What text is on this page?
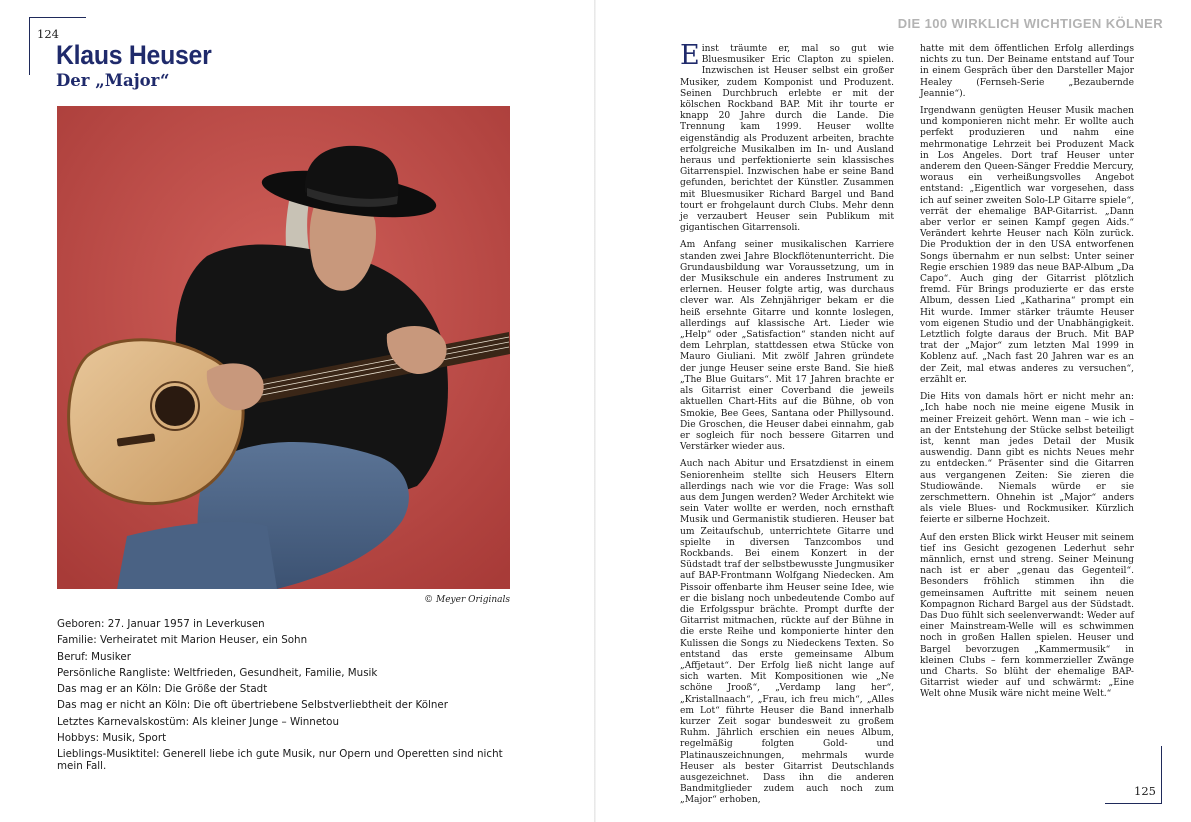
124
Klaus Heuser
Der „Major“
© Meyer Originals

Geboren: 27. Januar 1957 in Leverkusen

Familie: Verheiratet mit Marion Heuser, ein Sohn

Beruf: Musiker

Persönliche Rangliste: Weltfrieden, Gesundheit, Familie, Musik

Das mag er an Köln: Die Größe der Stadt

Das mag er nicht an Köln: Die oft übertriebene Selbstverliebtheit der Kölner

Letztes Karnevalskostüm: Als kleiner Junge – Winnetou

Hobbys: Musik, Sport

Lieblings-Musiktitel: Generell liebe ich gute Musik, nur Opern und Operetten sind nicht mein Fall.

DIE 100 WIRKLICH WICHTIGEN KÖLNER

Einst träumte er, mal so gut wie Bluesmusiker Eric Clapton zu spielen. Inzwischen ist Heuser selbst ein großer Musiker, zudem Komponist und Produzent. Seinen Durchbruch erlebte er mit der kölschen Rockband BAP. Mit ihr tourte er knapp 20 Jahre durch die Lande. Die Trennung kam 1999. Heuser wollte eigenständig als Produzent arbeiten, brachte erfolgreiche Musikalben im In- und Ausland heraus und perfektionierte sein klassisches Gitarrenspiel. Inzwischen habe er seine Band gefunden, berichtet der Künstler. Zusammen mit Bluesmusiker Richard Bargel und Band tourt er frohgelaunt durch Clubs. Mehr denn je verzaubert Heuser sein Publikum mit gigantischen Gitarrensoli.

Am Anfang seiner musikalischen Karriere standen zwei Jahre Blockflötenunterricht. Die Grundausbildung war Voraussetzung, um in der Musikschule ein anderes Instrument zu erlernen. Heuser folgte artig, was durchaus clever war. Als Zehnjähriger bekam er die heiß ersehnte Gitarre und konnte loslegen, allerdings auf klassische Art. Lieder wie „Help“ oder „Satisfaction“ standen nicht auf dem Lehrplan, stattdessen etwa Stücke von Mauro Giuliani. Mit zwölf Jahren gründete der junge Heuser seine erste Band. Sie hieß „The Blue Guitars“. Mit 17 Jahren brachte er als Gitarrist einer Coverband die jeweils aktuellen Chart-Hits auf die Bühne, ob von Smokie, Bee Gees, Santana oder Phillysound. Die Groschen, die Heuser dabei einnahm, gab er sogleich für noch bessere Gitarren und Verstärker wieder aus.

Auch nach Abitur und Ersatzdienst in einem Seniorenheim stellte sich Heusers Eltern allerdings nach wie vor die Frage: Was soll aus dem Jungen werden? Weder Architekt wie sein Vater wollte er werden, noch ernsthaft Musik und Germanistik studieren. Heuser bat um Zeitaufschub, unterrichtete Gitarre und spielte in diversen Tanzcombos und Rockbands. Bei einem Konzert in der Südstadt traf der selbstbewusste Jungmusiker auf BAP-Frontmann Wolfgang Niedecken. Am Pissoir offenbarte ihm Heuser seine Idee, wie er die bislang noch unbedeutende Combo auf die Erfolgsspur brächte. Prompt durfte der Gitarrist mitmachen, rückte auf der Bühne in die erste Reihe und komponierte hinter den Kulissen die Songs zu Niedeckens Texten. So entstand das erste gemeinsame Album „Affjetaut“. Der Erfolg ließ nicht lange auf sich warten. Mit Kompositionen wie „Ne schöne Jrooß“, „Verdamp lang her“, „Kristallnaach“, „Frau, ich freu mich“, „Alles em Lot“ führte Heuser die Band innerhalb kurzer Zeit sogar bundesweit zu großem Ruhm. Jährlich erschien ein neues Album, regelmäßig folgten Gold- und Platinauszeichnungen, mehrmals wurde Heuser als bester Gitarrist Deutschlands ausgezeichnet. Dass ihn die anderen Bandmitglieder zudem auch noch zum „Major“ erhoben,

hatte mit dem öffentlichen Erfolg allerdings nichts zu tun. Der Beiname entstand auf Tour in einem Gespräch über den Darsteller Major Healey (Fernseh-Serie „Bezaubernde Jeannie“).

Irgendwann genügten Heuser Musik machen und komponieren nicht mehr. Er wollte auch perfekt produzieren und nahm eine mehrmonatige Lehrzeit bei Produzent Mack in Los Angeles. Dort traf Heuser unter anderem den Queen-Sänger Freddie Mercury, woraus ein verheißungsvolles Angebot entstand: „Eigentlich war vorgesehen, dass ich auf seiner zweiten Solo-LP Gitarre spiele“, verrät der ehemalige BAP-Gitarrist. „Dann aber verlor er seinen Kampf gegen Aids.“ Verändert kehrte Heuser nach Köln zurück. Die Produktion der in den USA entworfenen Songs übernahm er nun selbst: Unter seiner Regie erschien 1989 das neue BAP-Album „Da Capo“. Auch ging der Gitarrist plötzlich fremd. Für Brings produzierte er das erste Album, dessen Lied „Katharina“ prompt ein Hit wurde. Immer stärker träumte Heuser vom eigenen Studio und der Unabhängigkeit. Letztlich folgte daraus der Bruch. Mit BAP trat der „Major“ zum letzten Mal 1999 in Koblenz auf. „Nach fast 20 Jahren war es an der Zeit, mal etwas anderes zu versuchen“, erzählt er.

Die Hits von damals hört er nicht mehr an: „Ich habe noch nie meine eigene Musik in meiner Freizeit gehört. Wenn man – wie ich – an der Entstehung der Stücke selbst beteiligt ist, kennt man jedes Detail der Musik auswendig. Dann gibt es nichts Neues mehr zu entdecken.“ Präsenter sind die Gitarren aus vergangenen Zeiten: Sie zieren die Studiowände. Niemals würde er sie zerschmettern. Ohnehin ist „Major“ anders als viele Blues- und Rockmusiker. Kürzlich feierte er silberne Hochzeit.

Auf den ersten Blick wirkt Heuser mit seinem tief ins Gesicht gezogenen Lederhut sehr männlich, ernst und streng. Seiner Meinung nach ist er aber „genau das Gegenteil“. Besonders fröhlich stimmen ihn die gemeinsamen Auftritte mit seinem neuen Kompagnon Richard Bargel aus der Südstadt. Das Duo fühlt sich seelenverwandt: Weder auf einer Mainstream-Welle will es schwimmen noch in großen Hallen spielen. Heuser und Bargel bevorzugen „Kammermusik“ in kleinen Clubs – fern kommerzieller Zwänge und Charts. So blüht der ehemalige BAP-Gitarrist wieder auf und schwärmt: „Eine Welt ohne Musik wäre nicht meine Welt.“

125
